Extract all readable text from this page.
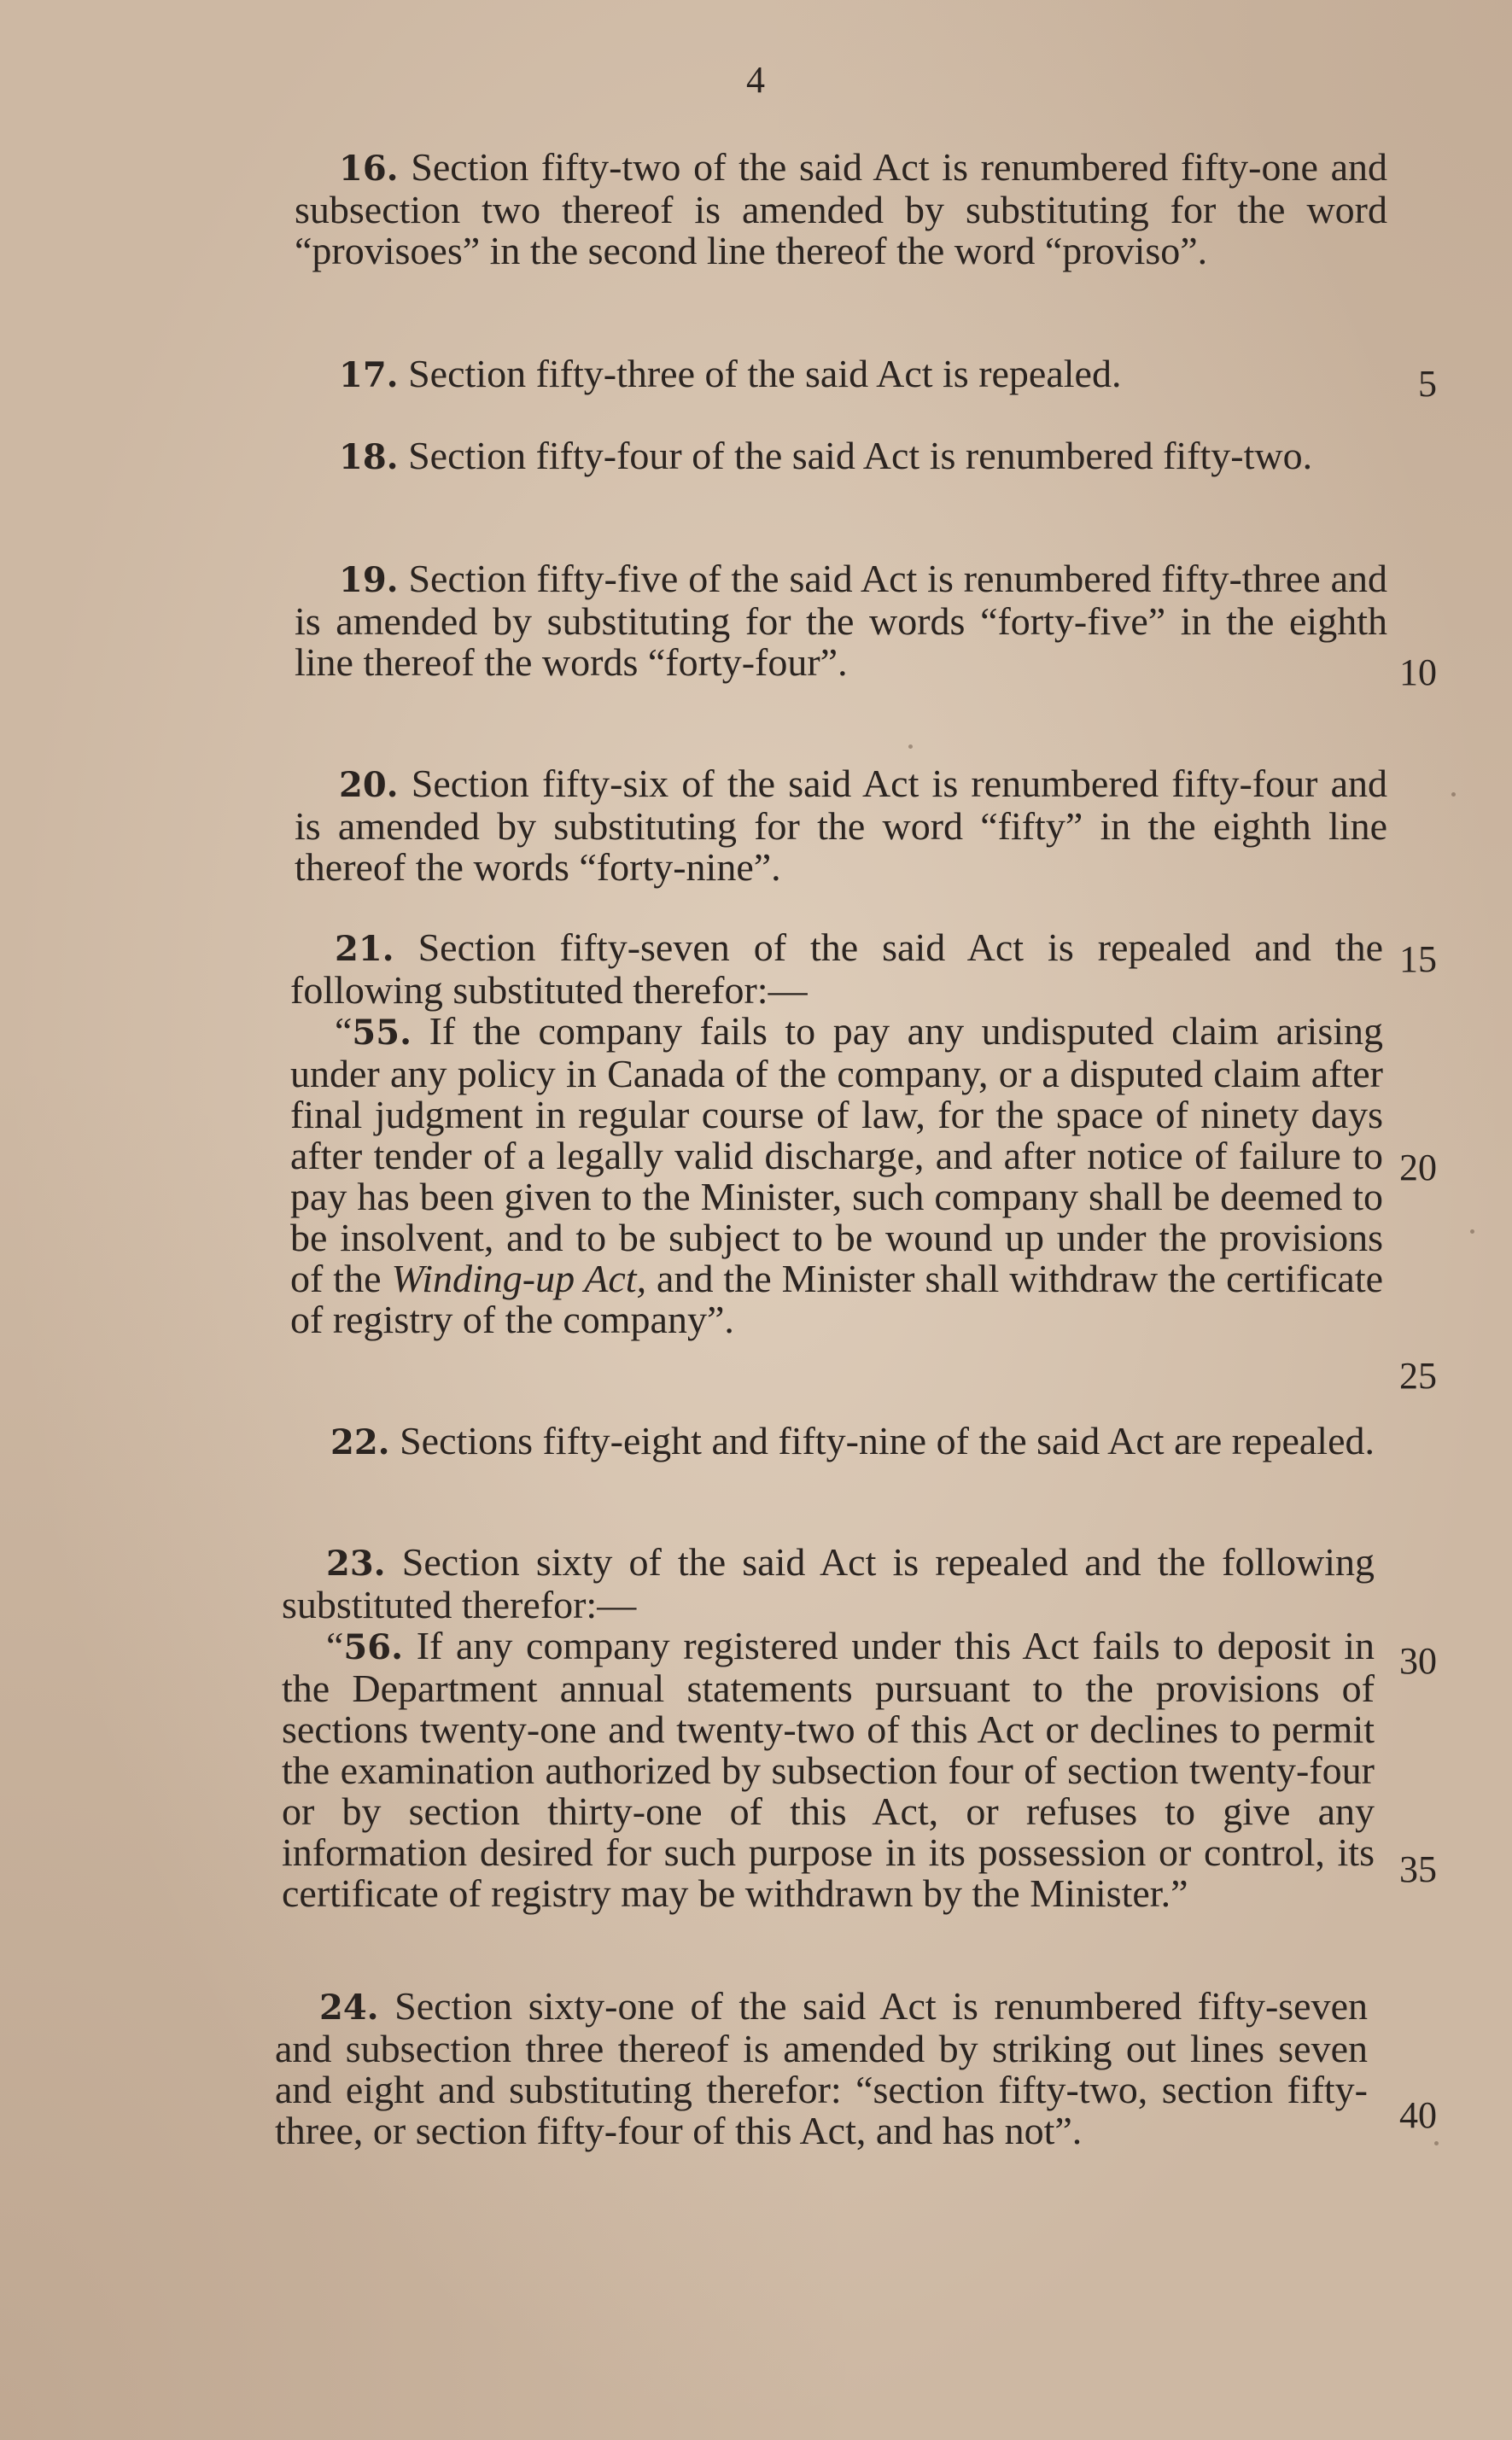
4

16. Section fifty-two of the said Act is renumbered fifty-one and subsection two thereof is amended by substituting for the word “provisoes” in the second line thereof the word “proviso”.

17. Section fifty-three of the said Act is repealed.

18. Section fifty-four of the said Act is renumbered fifty-two.

19. Section fifty-five of the said Act is renumbered fifty-three and is amended by substituting for the words “forty-five” in the eighth line thereof the words “forty-four”.

20. Section fifty-six of the said Act is renumbered fifty-four and is amended by substituting for the word “fifty” in the eighth line thereof the words “forty-nine”.

21. Section fifty-seven of the said Act is repealed and the following substituted therefor:—

“55. If the company fails to pay any undisputed claim arising under any policy in Canada of the company, or a disputed claim after final judgment in regular course of law, for the space of ninety days after tender of a legally valid discharge, and after notice of failure to pay has been given to the Minister, such company shall be deemed to be insolvent, and to be subject to be wound up under the provisions of the Winding-up Act, and the Minister shall withdraw the certificate of registry of the company”.

22. Sections fifty-eight and fifty-nine of the said Act are repealed.

23. Section sixty of the said Act is repealed and the following substituted therefor:—

“56. If any company registered under this Act fails to deposit in the Department annual statements pursuant to the provisions of sections twenty-one and twenty-two of this Act or declines to permit the examination authorized by subsection four of section twenty-four or by section thirty-one of this Act, or refuses to give any information desired for such purpose in its possession or control, its certificate of registry may be withdrawn by the Minister.”

24. Section sixty-one of the said Act is renumbered fifty-seven and subsection three thereof is amended by striking out lines seven and eight and substituting therefor: “section fifty-two, section fifty-three, or section fifty-four of this Act, and has not”.

5
10
15
20
25
30
35
40
